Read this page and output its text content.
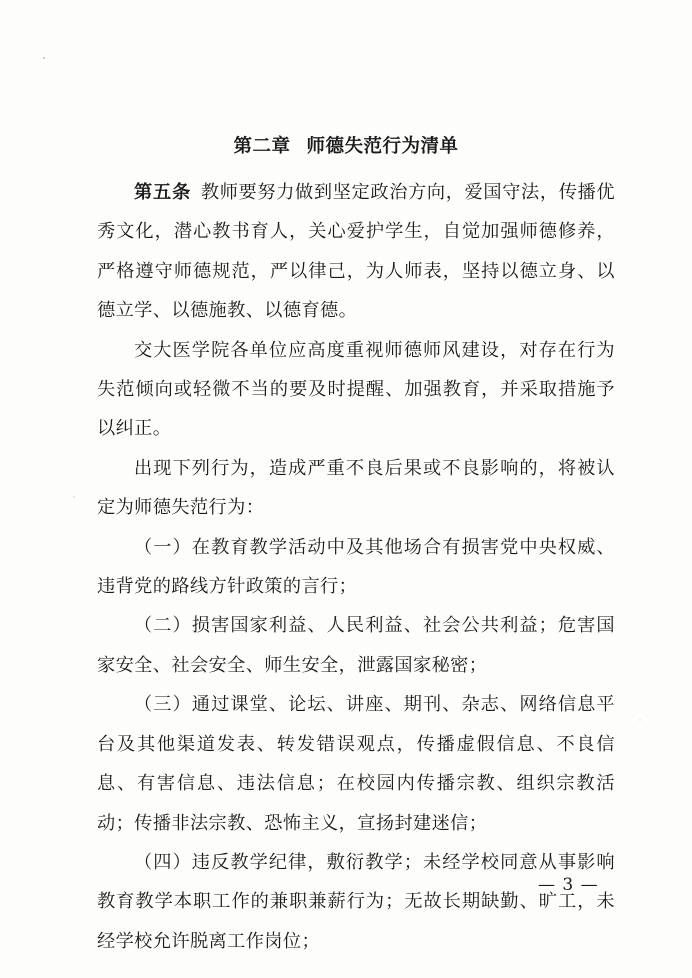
第二章 师德失范行为清单

第五条  教师要努力做到坚定政治方向，爱国守法，传播优秀文化，潜心教书育人，关心爱护学生，自觉加强师德修养，严格遵守师德规范，严以律己，为人师表，坚持以德立身、以德立学、以德施教、以德育德。

交大医学院各单位应高度重视师德师风建设，对存在行为失范倾向或轻微不当的要及时提醒、加强教育，并采取措施予以纠正。

出现下列行为，造成严重不良后果或不良影响的，将被认定为师德失范行为：

（一）在教育教学活动中及其他场合有损害党中央权威、违背党的路线方针政策的言行；

（二）损害国家利益、人民利益、社会公共利益；危害国家安全、社会安全、师生安全，泄露国家秘密；

（三）通过课堂、论坛、讲座、期刊、杂志、网络信息平台及其他渠道发表、转发错误观点，传播虚假信息、不良信息、有害信息、违法信息；在校园内传播宗教、组织宗教活动；传播非法宗教、恐怖主义，宣扬封建迷信；

（四）违反教学纪律，敷衍教学；未经学校同意从事影响教育教学本职工作的兼职兼薪行为；无故长期缺勤、旷工，未经学校允许脱离工作岗位；

— 3 —
